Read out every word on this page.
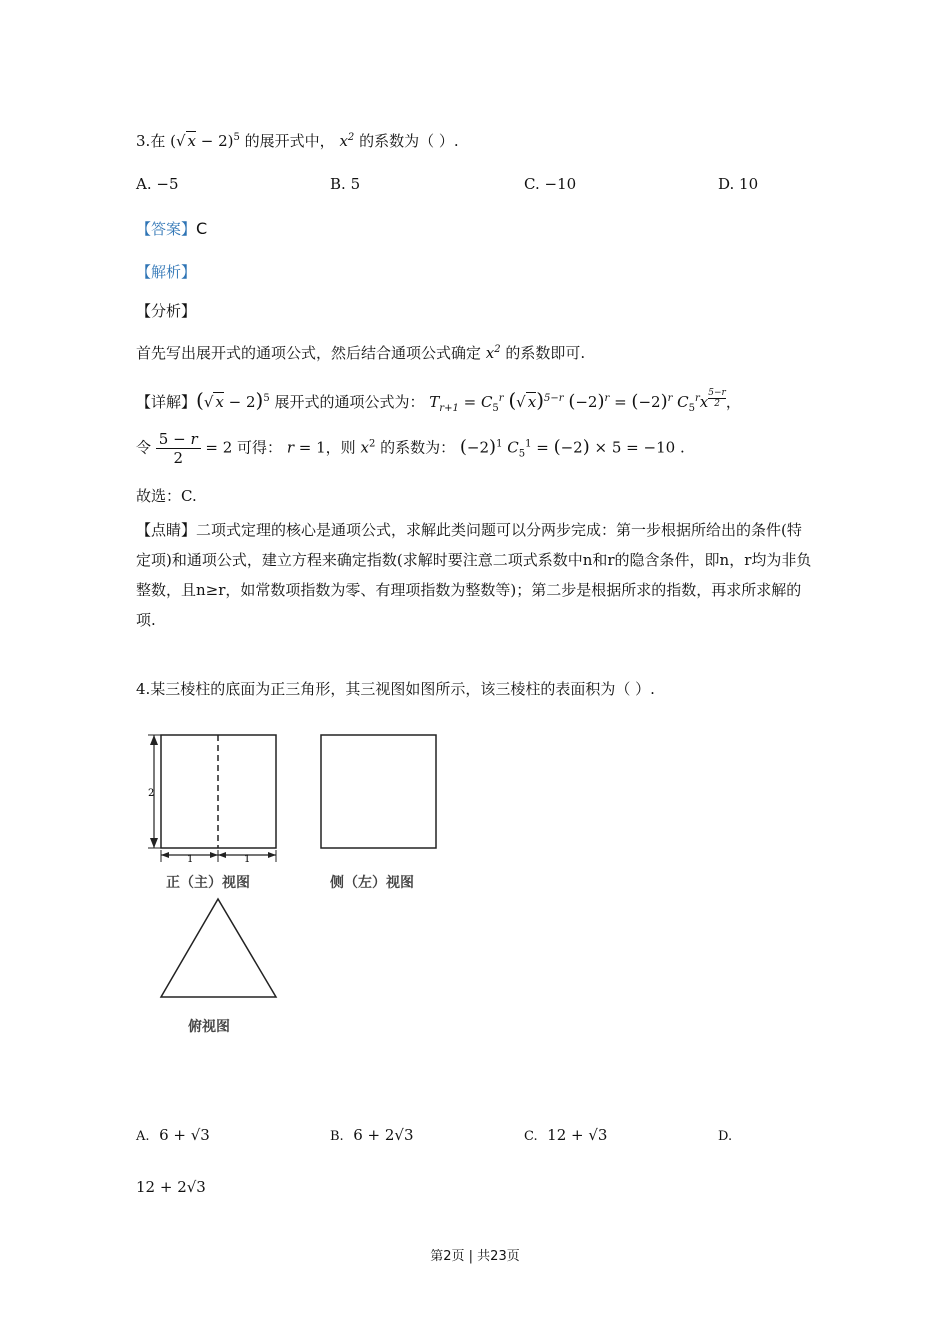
3.在 (√ x − 2)$^5$ 的展开式中， $x^2$ 的系数为（ ）.
A. −5	B. 5	C. −10	D. 10
【答案】C
【解析】
【分析】
首先写出展开式的通项公式，然后结合通项公式确定 $x^2$ 的系数即可.
【详解】(√ x − 2)$^5$ 展开式的通项公式为： $T_{r+1} = C_5^r$ (√ x)$^{5-r}$ $(-2)^r = (-2)^r$ $C_5^rx \frac{5-r}{2}$，
令 $\frac{5 - r}{2} = 2$ 可得： r = 1，则 $x^2$ 的系数为： $(-2)^1$ $C_5^1 = (-2) \times 5 = -10$ .
故选：C.
【点睛】二项式定理的核心是通项公式，求解此类问题可以分两步完成：第一步根据所给出的条件(特定项)和通项公式，建立方程来确定指数(求解时要注意二项式系数中n和r的隐含条件，即n，r均为非负整数，且n≥r，如常数项指数为零、有理项指数为整数等)；第二步是根据所求的指数，再求所求解的项.
4.某三棱柱的底面为正三角形，其三视图如图所示，该三棱柱的表面积为（ ）.
2
1	1
正（主）视图	侧（左）视图
俯视图
A. 6 + √3	B. 6 + 2√3	C. 12 + √3	D.
12 + 2√3
第2页 | 共23页
